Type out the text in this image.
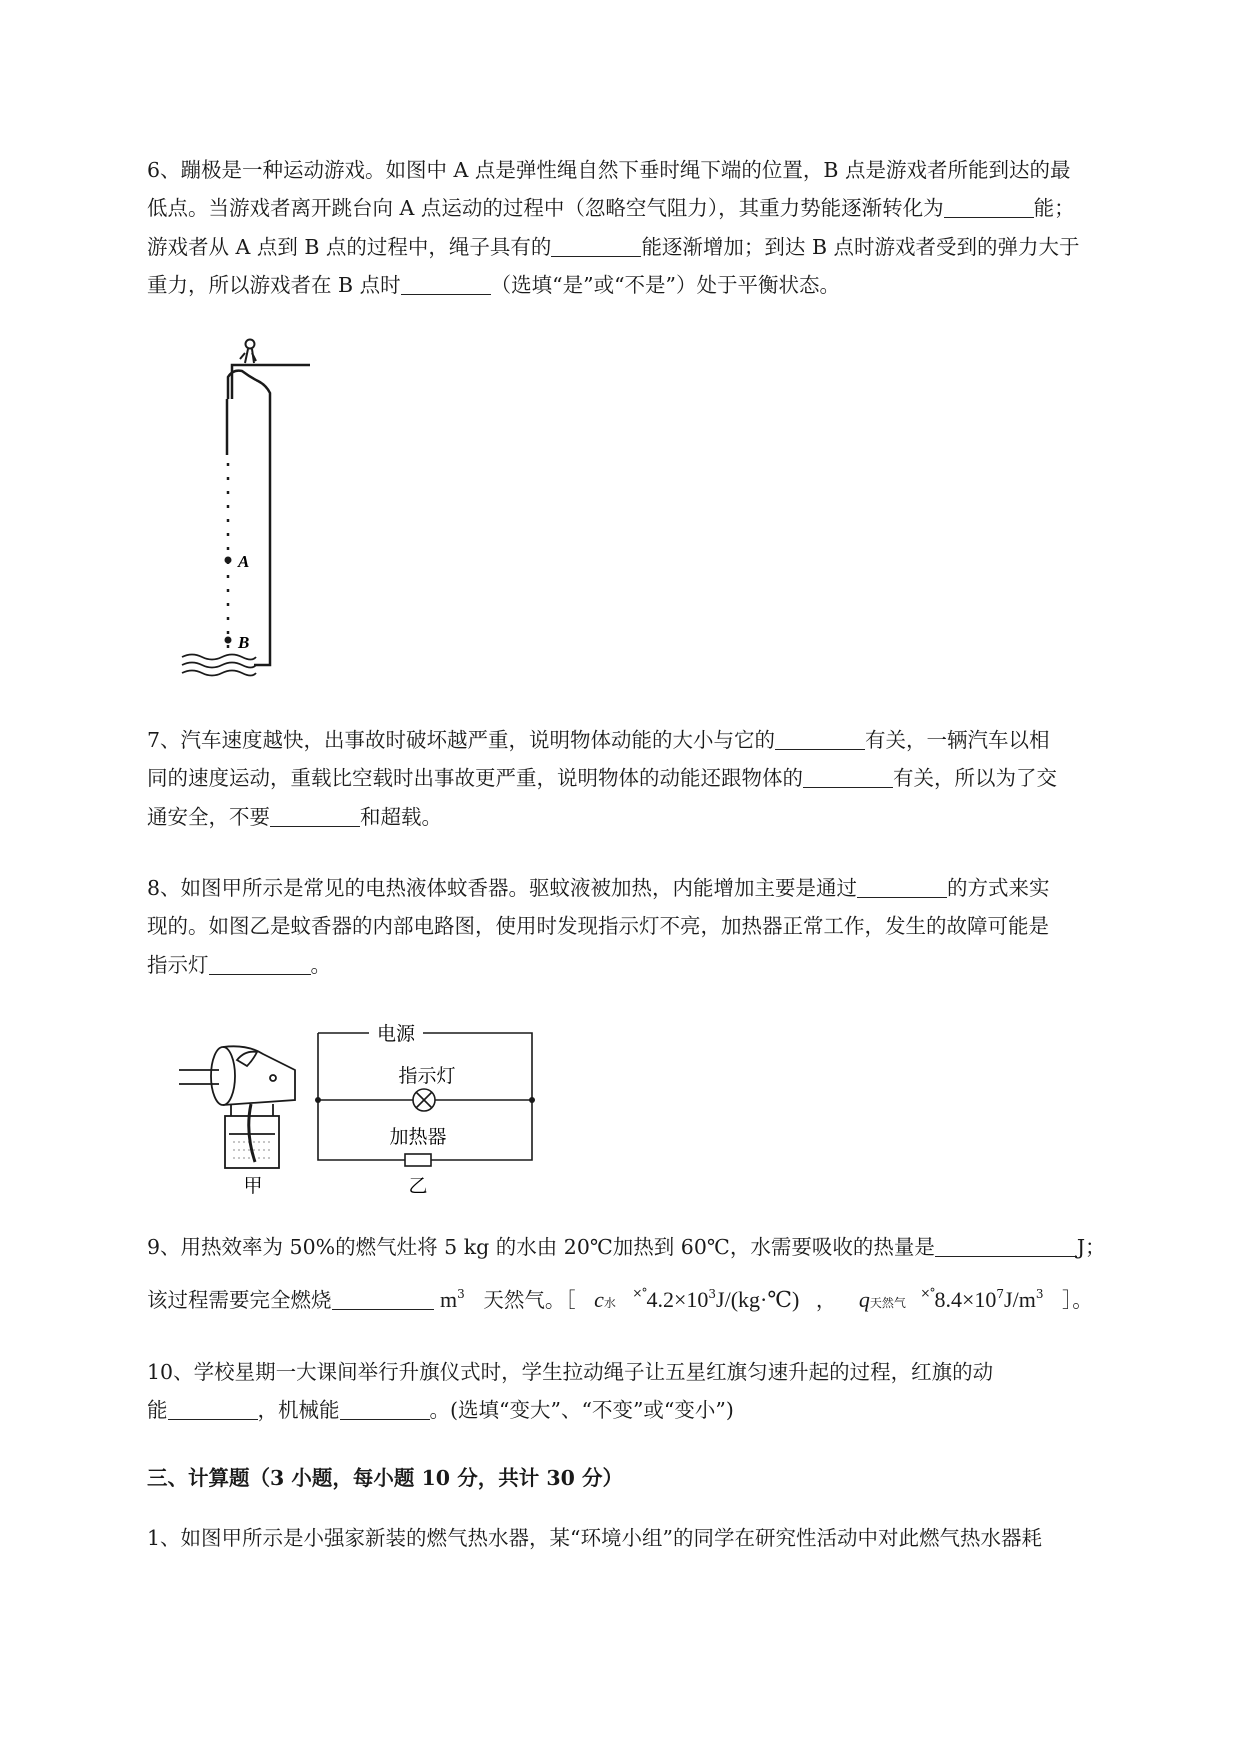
6、蹦极是一种运动游戏。如图中 A 点是弹性绳自然下垂时绳下端的位置，B 点是游戏者所能到达的最
低点。当游戏者离开跳台向 A 点运动的过程中（忽略空气阻力），其重力势能逐渐转化为	能；
游戏者从 A 点到 B 点的过程中，绳子具有的	能逐渐增加；到达 B 点时游戏者受到的弹力大于
重力，所以游戏者在 B 点时	（选填“是”或“不是”）处于平衡状态。
A
B
7、汽车速度越快，出事故时破坏越严重，说明物体动能的大小与它的	有关，一辆汽车以相
同的速度运动，重载比空载时出事故更严重，说明物体的动能还跟物体的	有关，所以为了交
通安全，不要	和超载。
8、如图甲所示是常见的电热液体蚊香器。驱蚊液被加热，内能增加主要是通过	的方式来实
现的。如图乙是蚊香器的内部电路图，使用时发现指示灯不亮，加热器正常工作，发生的故障可能是
指示灯	。
甲
电源
指示灯
加热器
乙
9、用热效率为 50%的燃气灶将 5 kg 的水由 20℃加热到 60℃，水需要吸收的热量是	J；
该过程需要完全燃烧	$m^3$ 天然气。［ c水 $^{\times^\circ}4.2\times 10^3J/(kg\cdot℃)$ ， q天然气 $^{\times^\circ}8.4\times 10^7J/m^3$ ］。
10、学校星期一大课间举行升旗仪式时，学生拉动绳子让五星红旗匀速升起的过程，红旗的动
能	，机械能	。(选填“变大”、“不变”或“变小”)
三、计算题（3 小题，每小题 10 分，共计 30 分）
1、如图甲所示是小强家新装的燃气热水器，某“环境小组”的同学在研究性活动中对此燃气热水器耗
